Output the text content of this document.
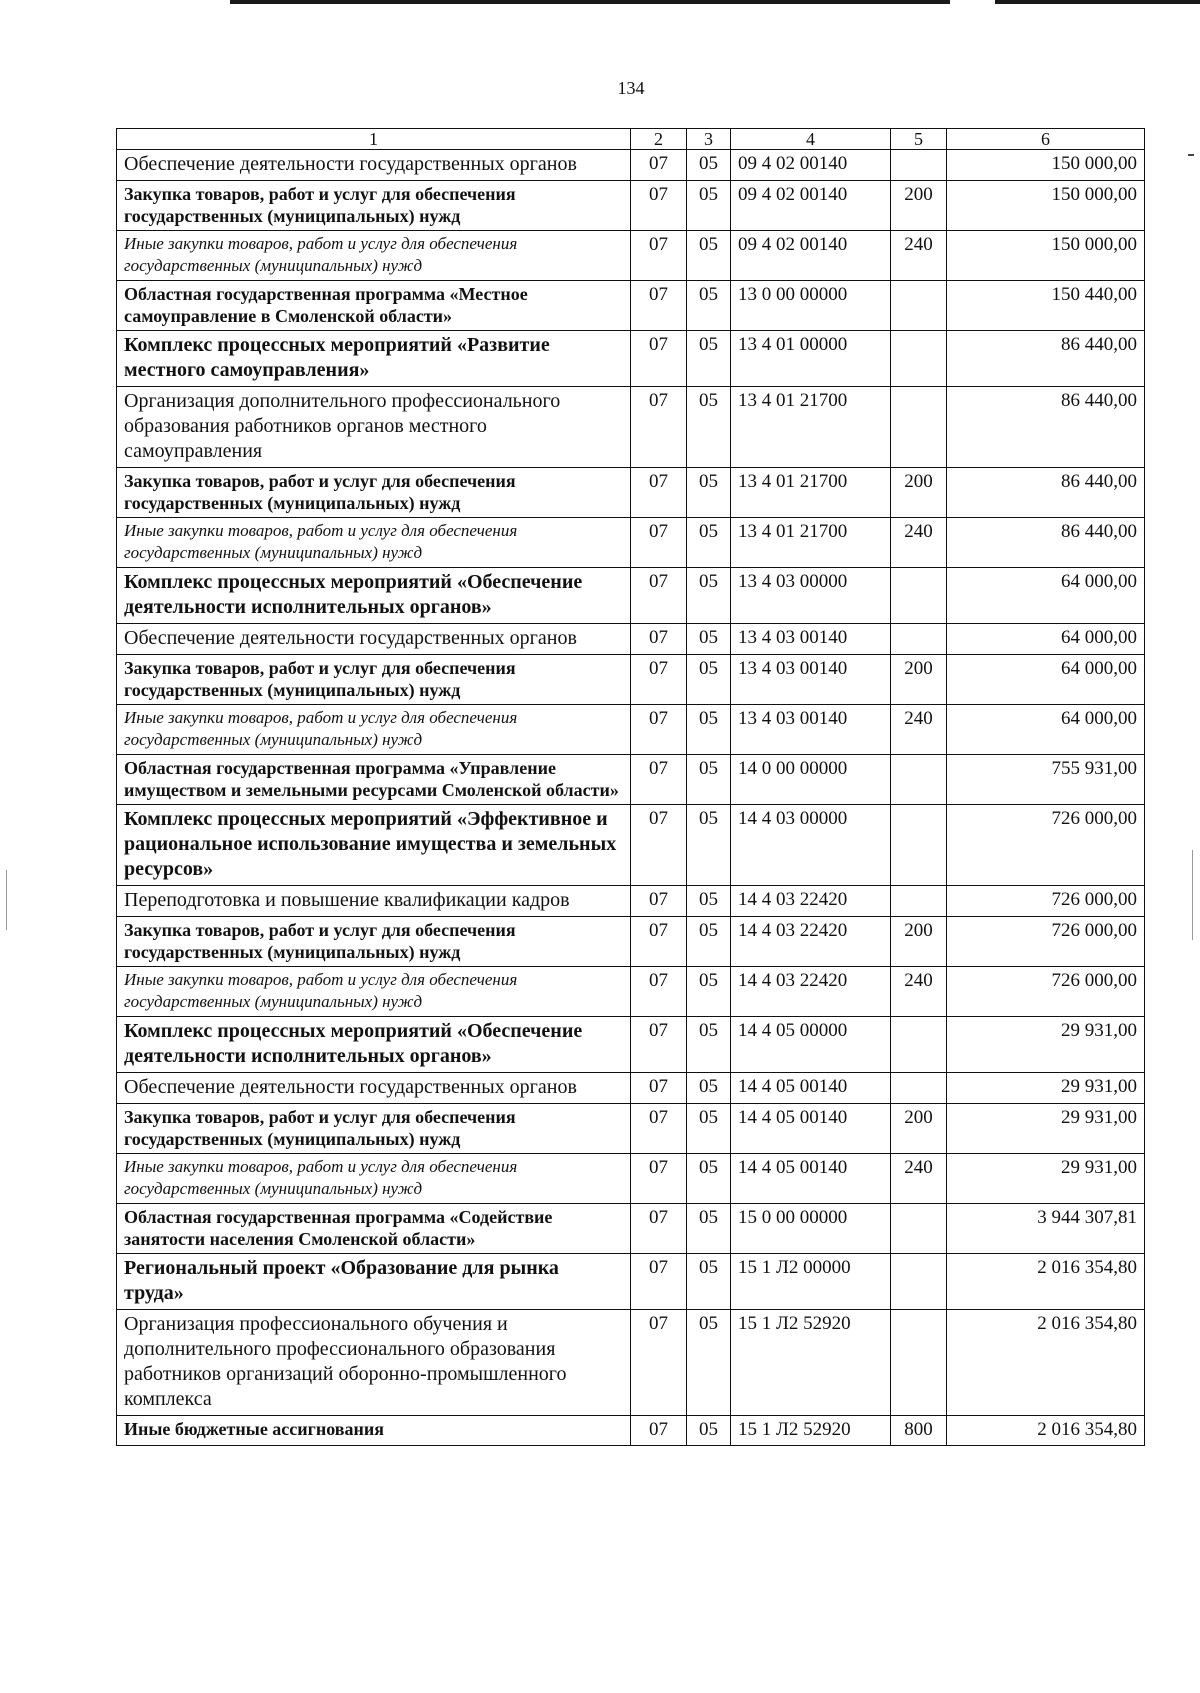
134
1	2	3	4	5	6
Обеспечение деятельности государственных органов	07	05	09 4 02 00140		150 000,00
Закупка товаров, работ и услуг для обеспечения государственных (муниципальных) нужд	07	05	09 4 02 00140	200	150 000,00
Иные закупки товаров, работ и услуг для обеспечения государственных (муниципальных) нужд	07	05	09 4 02 00140	240	150 000,00
Областная государственная программа «Местное самоуправление в Смоленской области»	07	05	13 0 00 00000		150 440,00
Комплекс процессных мероприятий «Развитие местного самоуправления»	07	05	13 4 01 00000		86 440,00
Организация дополнительного профессионального образования работников органов местного самоуправления	07	05	13 4 01 21700		86 440,00
Закупка товаров, работ и услуг для обеспечения государственных (муниципальных) нужд	07	05	13 4 01 21700	200	86 440,00
Иные закупки товаров, работ и услуг для обеспечения государственных (муниципальных) нужд	07	05	13 4 01 21700	240	86 440,00
Комплекс процессных мероприятий «Обеспечение деятельности исполнительных органов»	07	05	13 4 03 00000		64 000,00
Обеспечение деятельности государственных органов	07	05	13 4 03 00140		64 000,00
Закупка товаров, работ и услуг для обеспечения государственных (муниципальных) нужд	07	05	13 4 03 00140	200	64 000,00
Иные закупки товаров, работ и услуг для обеспечения государственных (муниципальных) нужд	07	05	13 4 03 00140	240	64 000,00
Областная государственная программа «Управление имуществом и земельными ресурсами Смоленской области»	07	05	14 0 00 00000		755 931,00
Комплекс процессных мероприятий «Эффективное и рациональное использование имущества и земельных ресурсов»	07	05	14 4 03 00000		726 000,00
Переподготовка и повышение квалификации кадров	07	05	14 4 03 22420		726 000,00
Закупка товаров, работ и услуг для обеспечения государственных (муниципальных) нужд	07	05	14 4 03 22420	200	726 000,00
Иные закупки товаров, работ и услуг для обеспечения государственных (муниципальных) нужд	07	05	14 4 03 22420	240	726 000,00
Комплекс процессных мероприятий «Обеспечение деятельности исполнительных органов»	07	05	14 4 05 00000		29 931,00
Обеспечение деятельности государственных органов	07	05	14 4 05 00140		29 931,00
Закупка товаров, работ и услуг для обеспечения государственных (муниципальных) нужд	07	05	14 4 05 00140	200	29 931,00
Иные закупки товаров, работ и услуг для обеспечения государственных (муниципальных) нужд	07	05	14 4 05 00140	240	29 931,00
Областная государственная программа «Содействие занятости населения Смоленской области»	07	05	15 0 00 00000		3 944 307,81
Региональный проект «Образование для рынка труда»	07	05	15 1 Л2 00000		2 016 354,80
Организация профессионального обучения и дополнительного профессионального образования работников организаций оборонно-промышленного комплекса	07	05	15 1 Л2 52920		2 016 354,80
Иные бюджетные ассигнования	07	05	15 1 Л2 52920	800	2 016 354,80
